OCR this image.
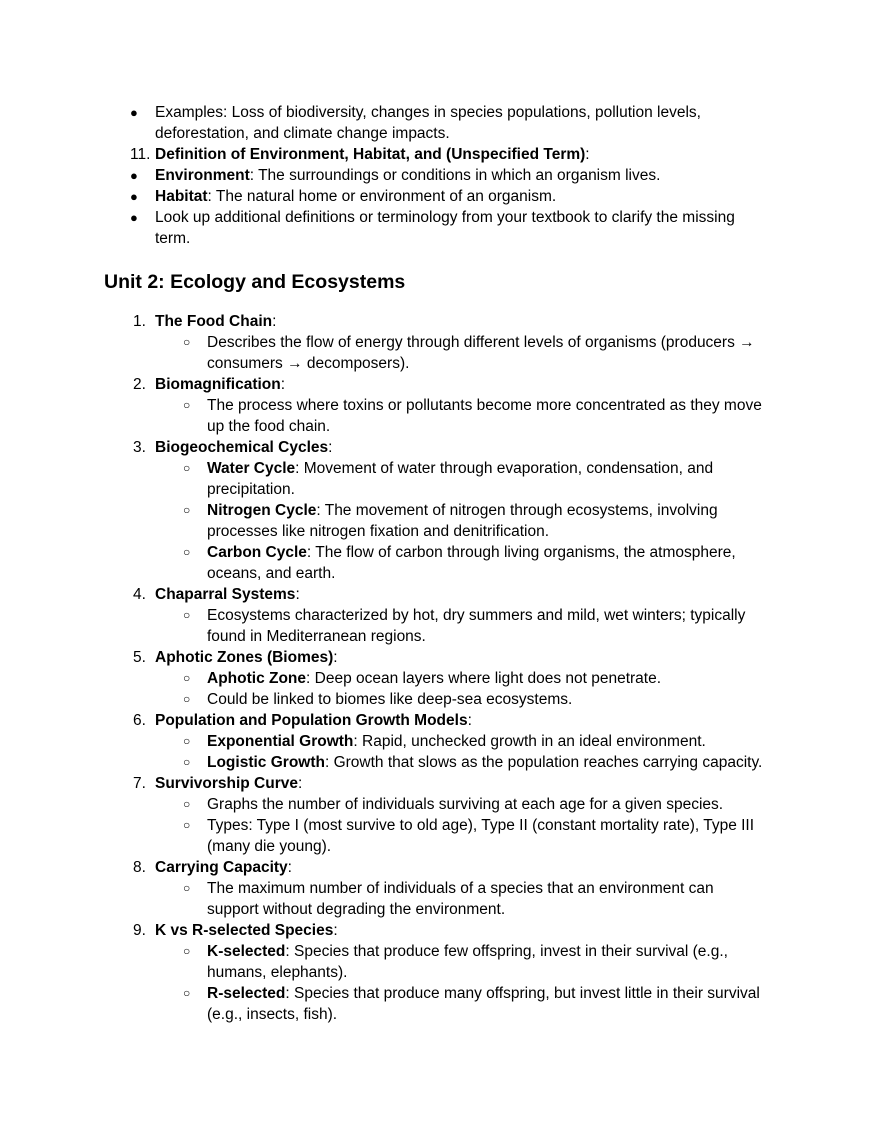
● Examples: Loss of biodiversity, changes in species populations, pollution levels,
deforestation, and climate change impacts.
11. Definition of Environment, Habitat, and (Unspecified Term):
● Environment: The surroundings or conditions in which an organism lives.
● Habitat: The natural home or environment of an organism.
● Look up additional definitions or terminology from your textbook to clarify the missing
term.
Unit 2: Ecology and Ecosystems
1. The Food Chain:
○ Describes the flow of energy through different levels of organisms (producers →
consumers → decomposers).
2. Biomagnification:
○ The process where toxins or pollutants become more concentrated as they move
up the food chain.
3. Biogeochemical Cycles:
○ Water Cycle: Movement of water through evaporation, condensation, and
precipitation.
○ Nitrogen Cycle: The movement of nitrogen through ecosystems, involving
processes like nitrogen fixation and denitrification.
○ Carbon Cycle: The flow of carbon through living organisms, the atmosphere,
oceans, and earth.
4. Chaparral Systems:
○ Ecosystems characterized by hot, dry summers and mild, wet winters; typically
found in Mediterranean regions.
5. Aphotic Zones (Biomes):
○ Aphotic Zone: Deep ocean layers where light does not penetrate.
○ Could be linked to biomes like deep-sea ecosystems.
6. Population and Population Growth Models:
○ Exponential Growth: Rapid, unchecked growth in an ideal environment.
○ Logistic Growth: Growth that slows as the population reaches carrying capacity.
7. Survivorship Curve:
○ Graphs the number of individuals surviving at each age for a given species.
○ Types: Type I (most survive to old age), Type II (constant mortality rate), Type III
(many die young).
8. Carrying Capacity:
○ The maximum number of individuals of a species that an environment can
support without degrading the environment.
9. K vs R-selected Species:
○ K-selected: Species that produce few offspring, invest in their survival (e.g.,
humans, elephants).
○ R-selected: Species that produce many offspring, but invest little in their survival
(e.g., insects, fish).
